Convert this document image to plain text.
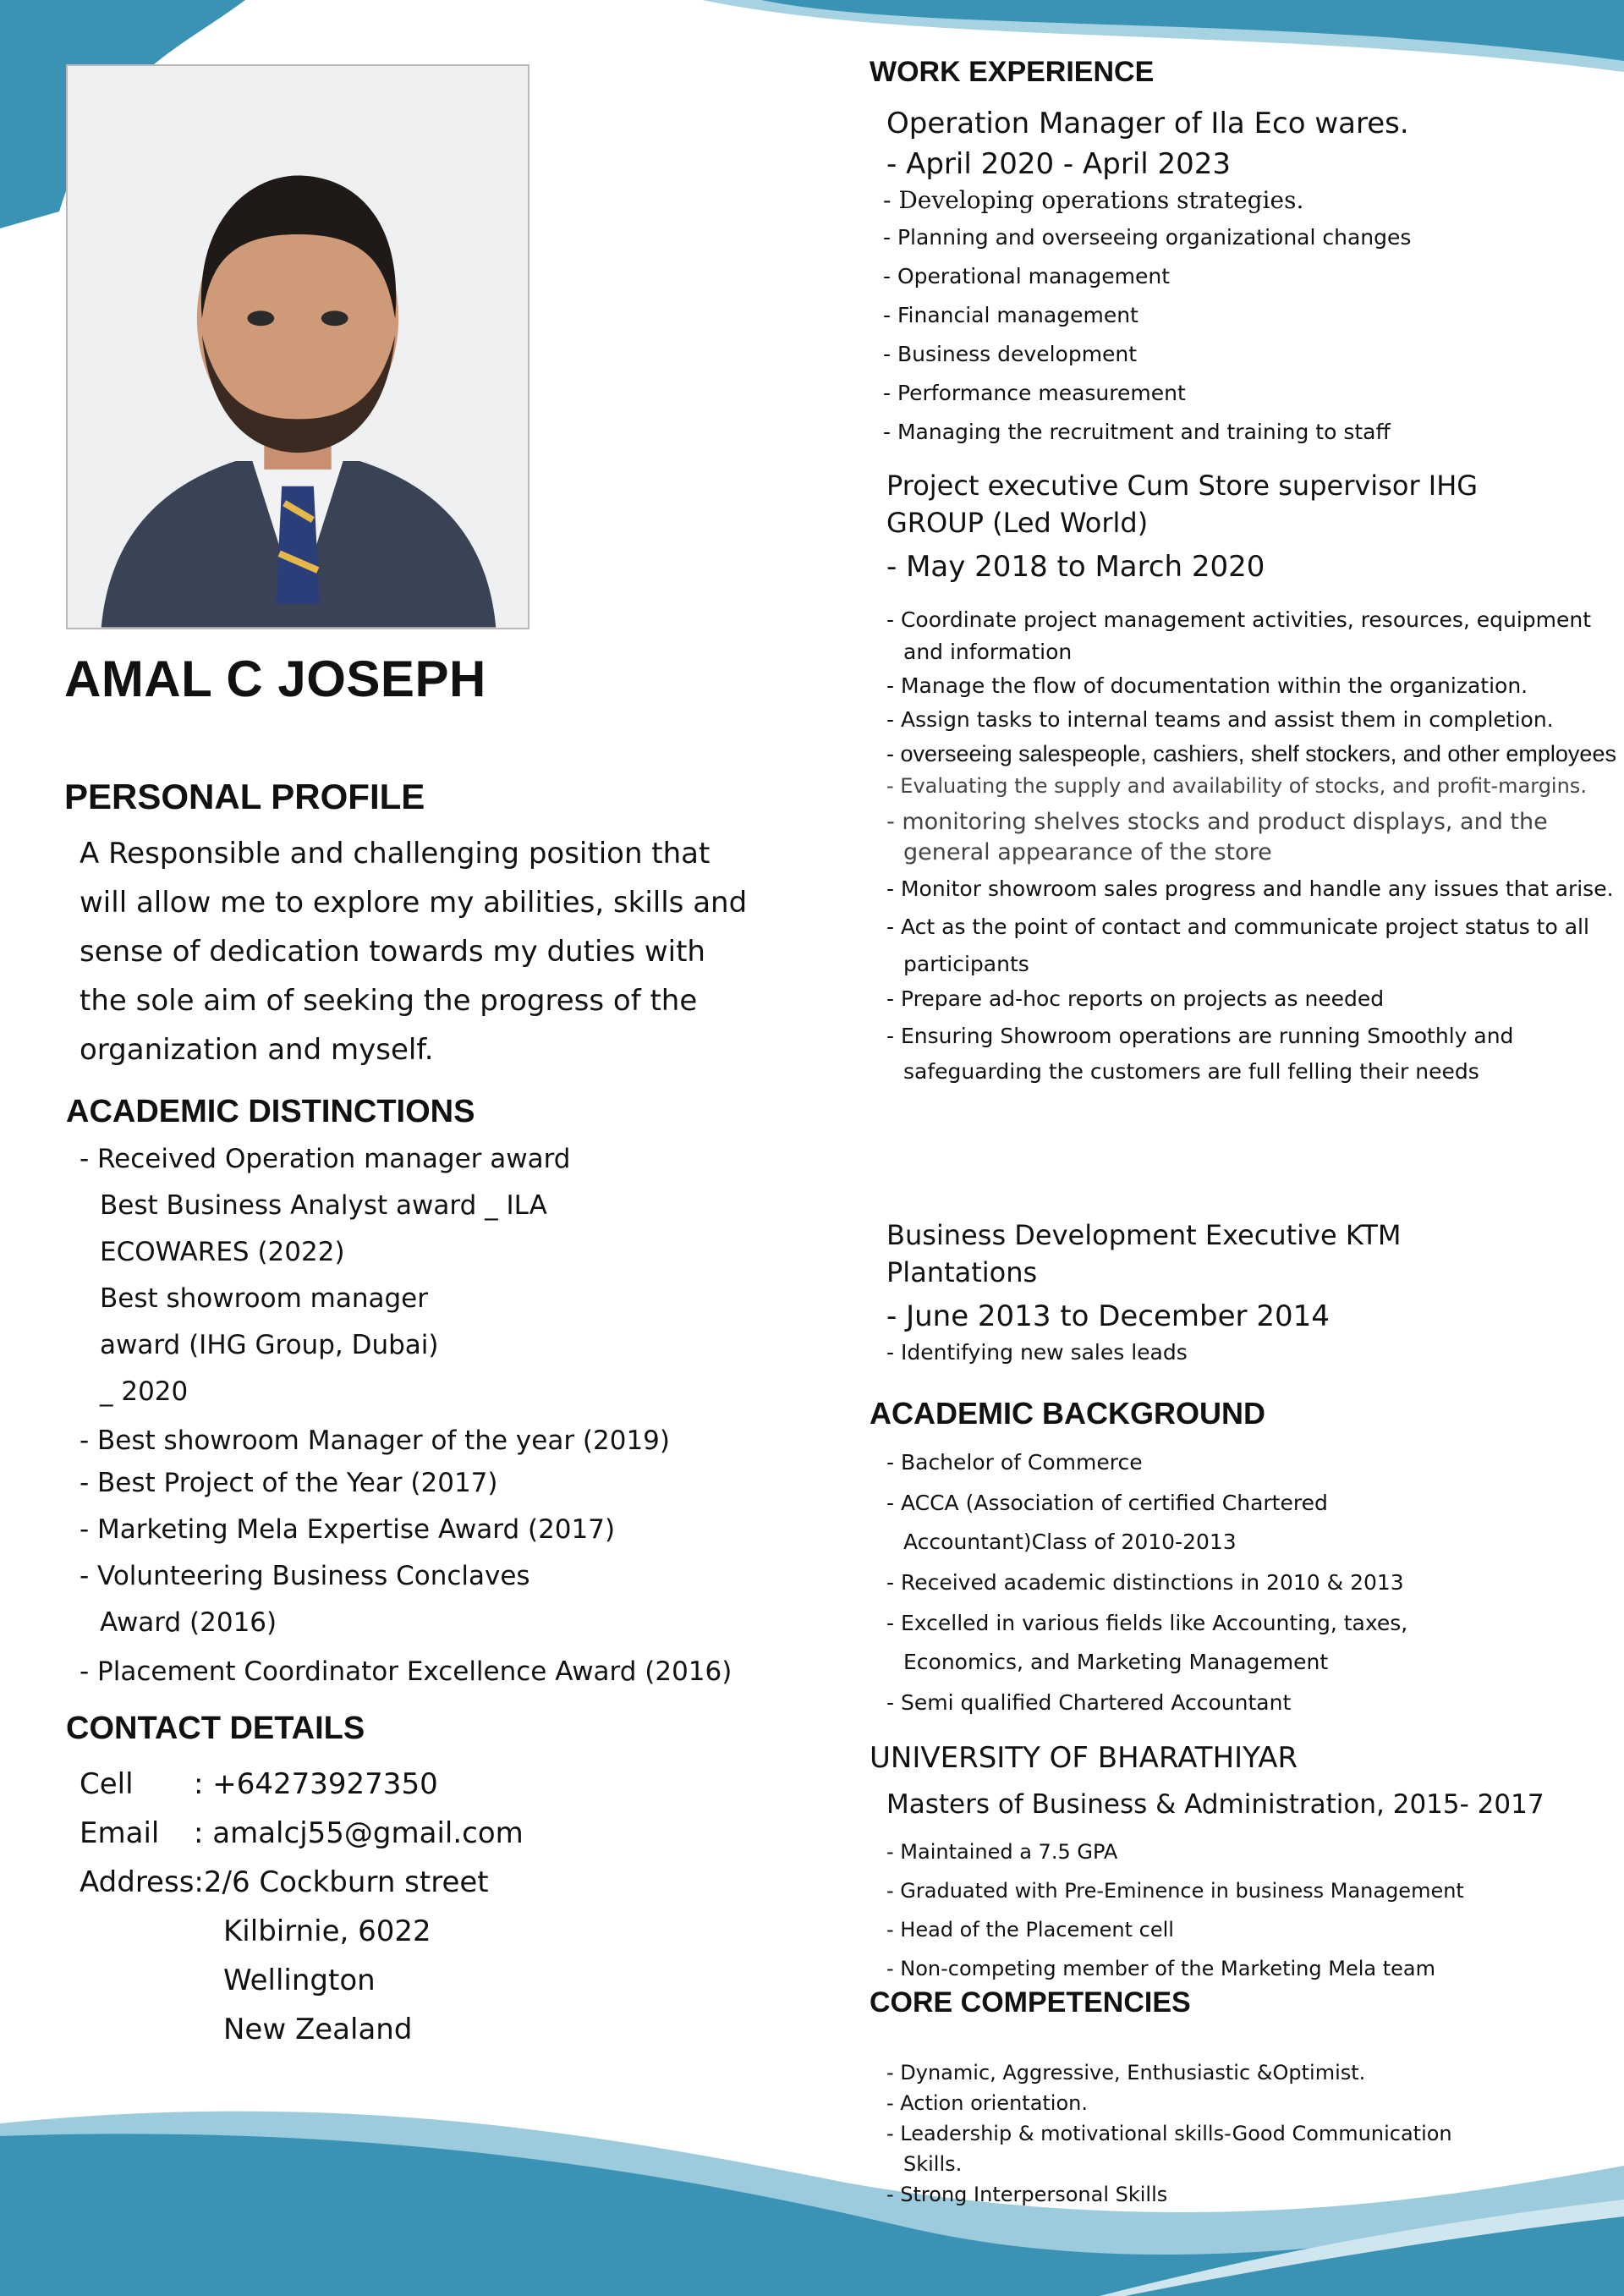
AMAL C JOSEPH
PERSONAL PROFILE

A Responsible and challenging position that will allow me to explore my abilities, skills and sense of dedication towards my duties with the sole aim of seeking the progress of the organization and myself.

ACADEMIC DISTINCTIONS
- Received Operation manager award
Best Business Analyst award _ ILA
ECOWARES (2022)
Best showroom manager
award (IHG Group, Dubai)
_ 2020
- Best showroom Manager of the year (2019)
- Best Project of the Year (2017)
- Marketing Mela Expertise Award (2017)
- Volunteering Business Conclaves
Award (2016)
- Placement Coordinator Excellence Award (2016)
CONTACT DETAILS
Cell	: +64273927350
Email	: amalcj55@gmail.com
Address: 2/6 Cockburn street
Kilbirnie, 6022
Wellington
New Zealand
WORK EXPERIENCE

Operation Manager of Ila Eco wares.

- April 2020 - April 2023

- Developing operations strategies.
- Planning and overseeing organizational changes
- Operational management
- Financial management
- Business development
- Performance measurement
- Managing the recruitment and training to staff

Project executive Cum Store supervisor IHG GROUP (Led World)

- May 2018 to March 2020

- Coordinate project management activities, resources, equipment and information
- Manage the flow of documentation within the organization.
- Assign tasks to internal teams and assist them in completion.
- overseeing salespeople, cashiers, shelf stockers, and other employees
- Evaluating the supply and availability of stocks, and profit-margins.
- monitoring shelves stocks and product displays, and the general appearance of the store
- Monitor showroom sales progress and handle any issues that arise.
- Act as the point of contact and communicate project status to all participants
- Prepare ad-hoc reports on projects as needed
- Ensuring Showroom operations are running Smoothly and safeguarding the customers are full felling their needs

Business Development Executive KTM Plantations

- June 2013 to December 2014

- Identifying new sales leads
ACADEMIC BACKGROUND
- Bachelor of Commerce
- ACCA (Association of certified Chartered Accountant)Class of 2010-2013
- Received academic distinctions in 2010 & 2013
- Excelled in various fields like Accounting, taxes, Economics, and Marketing Management
- Semi qualified Chartered Accountant

UNIVERSITY OF BHARATHIYAR

Masters of Business & Administration, 2015- 2017

- Maintained a 7.5 GPA
- Graduated with Pre-Eminence in business Management
- Head of the Placement cell
- Non-competing member of the Marketing Mela team
CORE COMPETENCIES
- Dynamic, Aggressive, Enthusiastic &Optimist.
- Action orientation.
- Leadership & motivational skills-Good Communication Skills.
- Strong Interpersonal Skills
